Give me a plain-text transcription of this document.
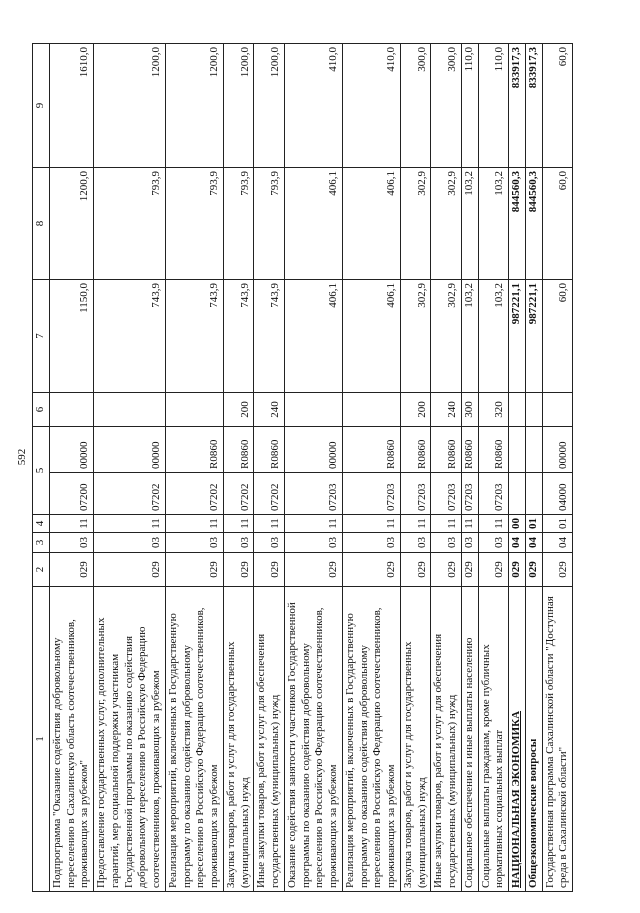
592
1	2	3	4	5		6	7	8	9
Подпрограмма "Оказание содействия добровольному переселению в Сахалинскую область соотечественников, проживающих за рубежом"	029	03	11	07200	00000		1150,0	1200,0	1610,0
Предоставление государственных услуг, дополнительных гарантий, мер социальной поддержки участникам Государственной программы по оказанию содействия добровольному переселению в Российскую Федерацию соотечественников, проживающих за рубежом	029	03	11	07202	00000		743,9	793,9	1200,0
Реализация мероприятий, включенных в Государственную программу по оказанию содействия добровольному переселению в Российскую Федерацию соотечественников, проживающих за рубежом	029	03	11	07202	R0860		743,9	793,9	1200,0
Закупка товаров, работ и услуг для государственных (муниципальных) нужд	029	03	11	07202	R0860	200	743,9	793,9	1200,0
Иные закупки товаров, работ и услуг для обеспечения государственных (муниципальных) нужд	029	03	11	07202	R0860	240	743,9	793,9	1200,0
Оказание содействия занятости участников Государственной программы по оказанию содействия добровольному переселению в Российскую Федерацию соотечественников, проживающих за рубежом	029	03	11	07203	00000		406,1	406,1	410,0
Реализация мероприятий, включенных в Государственную программу по оказанию содействия добровольному переселению в Российскую Федерацию соотечественников, проживающих за рубежом	029	03	11	07203	R0860		406,1	406,1	410,0
Закупка товаров, работ и услуг для государственных (муниципальных) нужд	029	03	11	07203	R0860	200	302,9	302,9	300,0
Иные закупки товаров, работ и услуг для обеспечения государственных (муниципальных) нужд	029	03	11	07203	R0860	240	302,9	302,9	300,0
Социальное обеспечение и иные выплаты населению	029	03	11	07203	R0860	300	103,2	103,2	110,0
Социальные выплаты гражданам, кроме публичных нормативных социальных выплат	029	03	11	07203	R0860	320	103,2	103,2	110,0
НАЦИОНАЛЬНАЯ ЭКОНОМИКА	029	04	00				987221,1	844560,3	833917,3
Общеэкономические вопросы	029	04	01				987221,1	844560,3	833917,3
Государственная программа Сахалинской области "Доступная среда в Сахалинской области"	029	04	01	04000	00000		60,0	60,0	60,0
